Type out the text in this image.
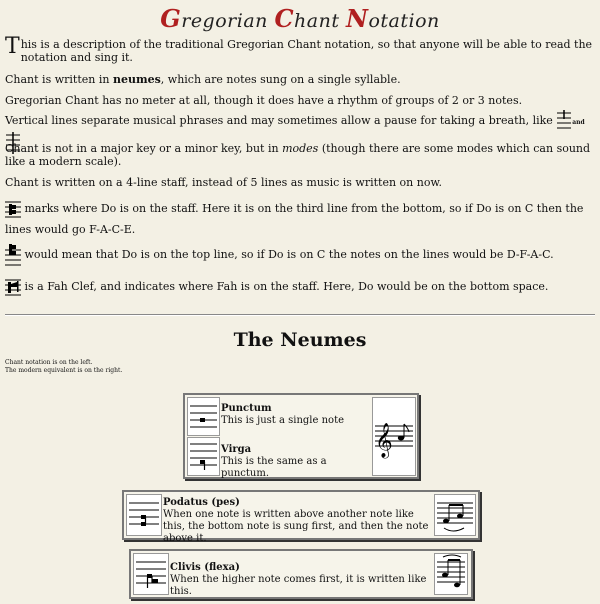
Gregorian Chant Notation
This is a description of the traditional Gregorian Chant notation, so that anyone will be able to read the notation and sing it.
Chant is written in neumes, which are notes sung on a single syllable.
Gregorian Chant has no meter at all, though it does have a rhythm of groups of 2 or 3 notes.
Vertical lines separate musical phrases and may sometimes allow a pause for taking a breath, like	and
Chant is not in a major key or a minor key, but in modes (though there are some modes which can sound like a modern scale).
Chant is written on a 4-line staff, instead of 5 lines as music is written on now.
marks where Do is on the staff. Here it is on the third line from the bottom, so if Do is on C then the lines would go F-A-C-E.
would mean that Do is on the top line, so if Do is on C the notes on the lines would be D-F-A-C.
is a Fah Clef, and indicates where Fah is on the staff. Here, Do would be on the bottom space.
The Neumes
Chant notation is on the left.
The modern equivalent is on the right.
Punctum
This is just a single note
Virga
This is the same as a punctum.
𝄞
Podatus (pes)
When one note is written above another note like this, the bottom note is sung first, and then the note above it.
Clivis (flexa)
When the higher note comes first, it is written like this.
